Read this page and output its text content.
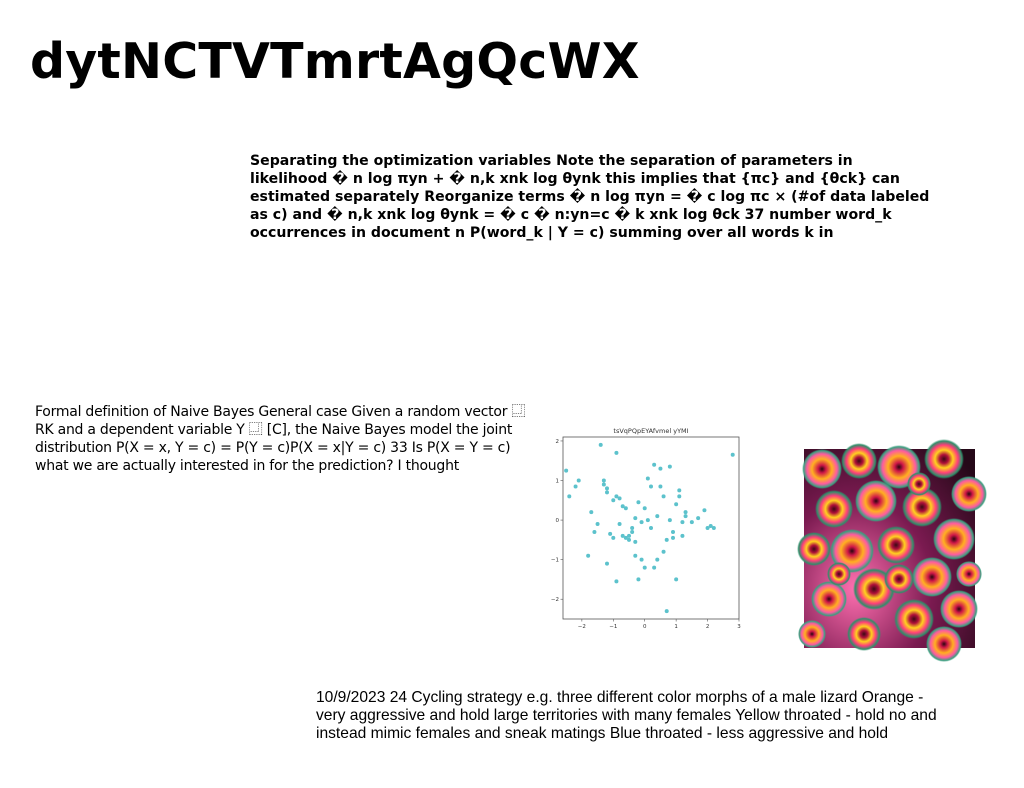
dytNCTVTmrtAgQcWX

Separating the optimization variables Note the separation of parameters in likelihood � n log πyn + � n,k xnk log θynk this implies that {πc} and {θck} can estimated separately Reorganize terms � n log πyn = � c log πc × (#of data labeled as c) and � n,k xnk log θynk = � c � n:yn=c � k xnk log θck 37 number word_k occurrences in document n P(word_k | Y = c) summing over all words k in

Formal definition of Naive Bayes General case Given a random vector ⿽ RK and a dependent variable Y ⿽ [C], the Naive Bayes model the joint distribution P(X = x, Y = c) = P(Y = c)P(X = x|Y = c) 33 Is P(X = Y = c) what we are actually interested in for the prediction? I thought

tsVqPQpEYAfvmel yYMI
−2	−1	0	1	2	3
−2
−1
0
1
2

10/9/2023 24 Cycling strategy e.g. three different color morphs of a male lizard Orange - very aggressive and hold large territories with many females Yellow throated - hold no and instead mimic females and sneak matings Blue throated - less aggressive and hold
